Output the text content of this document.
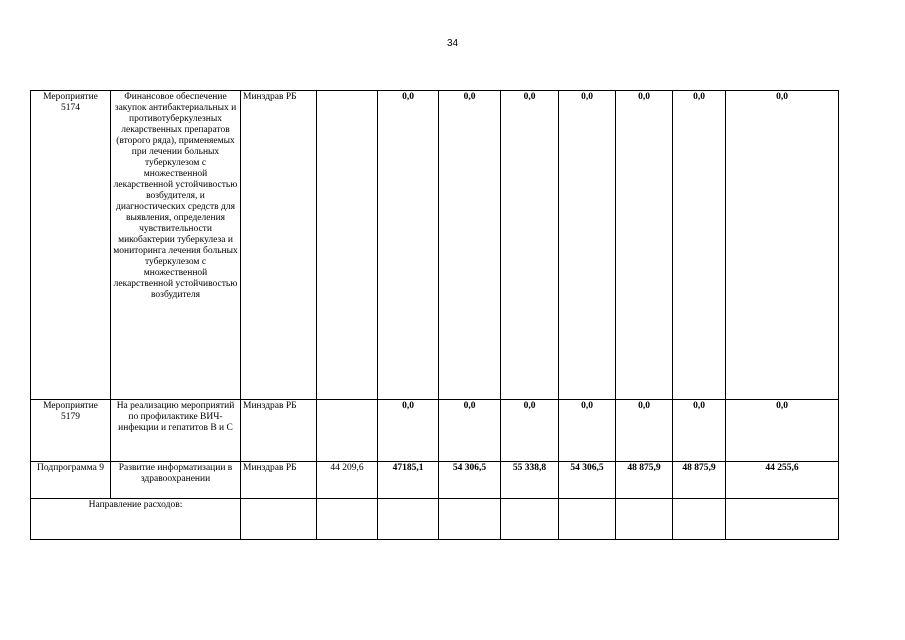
34
Мероприятие 5174	Финансовое обеспечение закупок антибактериальных и противотуберкулезных лекарственных препаратов (второго ряда), применяемых при лечении больных туберкулезом с множественной лекарственной устойчивостью возбудителя, и диагностических средств для выявления, определения чувствительности микобактерии туберкулеза и мониторинга лечения больных туберкулезом с множественной лекарственной устойчивостью возбудителя	Минздрав РБ		0,0	0,0	0,0	0,0	0,0	0,0	0,0
Мероприятие 5179	На реализацию мероприятий по профилактике ВИЧ-инфекции и гепатитов В и С	Минздрав РБ		0,0	0,0	0,0	0,0	0,0	0,0	0,0
Подпрограмма 9	Развитие информатизации в здравоохранении	Минздрав РБ	44 209,6	47185,1	54 306,5	55 338,8	54 306,5	48 875,9	48 875,9	44 255,6
Направление расходов:										
